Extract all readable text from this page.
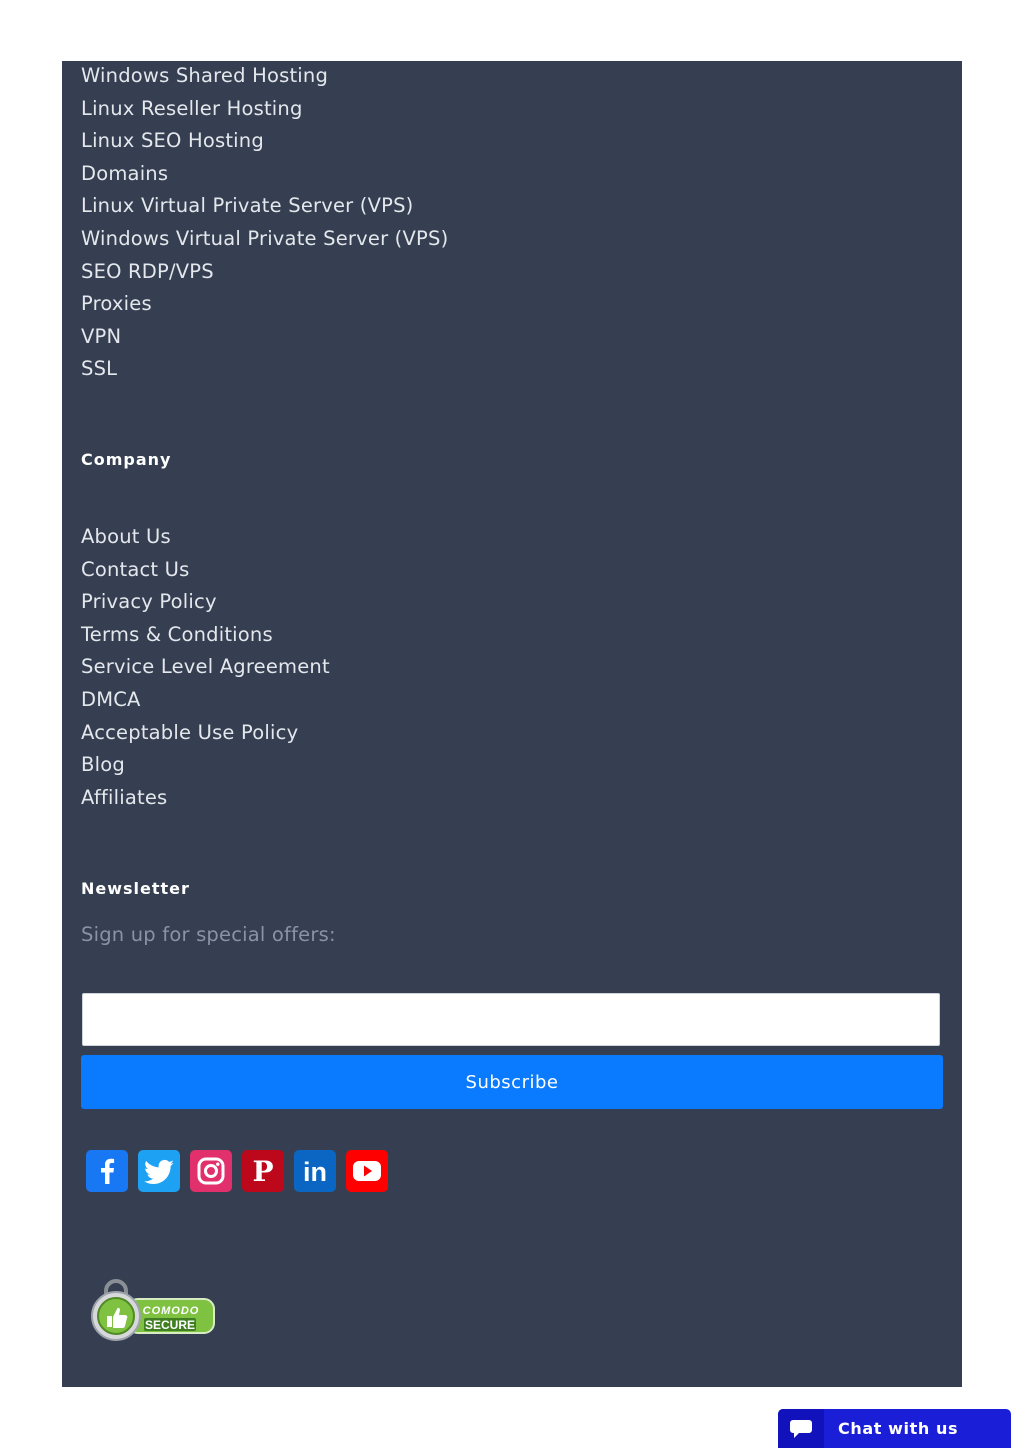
Windows Shared Hosting
Linux Reseller Hosting
Linux SEO Hosting
Domains
Linux Virtual Private Server (VPS)
Windows Virtual Private Server (VPS)
SEO RDP/VPS
Proxies
VPN
SSL
Company
About Us
Contact Us
Privacy Policy
Terms & Conditions
Service Level Agreement
DMCA
Acceptable Use Policy
Blog
Affiliates
Newsletter

Sign up for special offers:

Subscribe
P in
COMODO
SECURE
Chat with us
